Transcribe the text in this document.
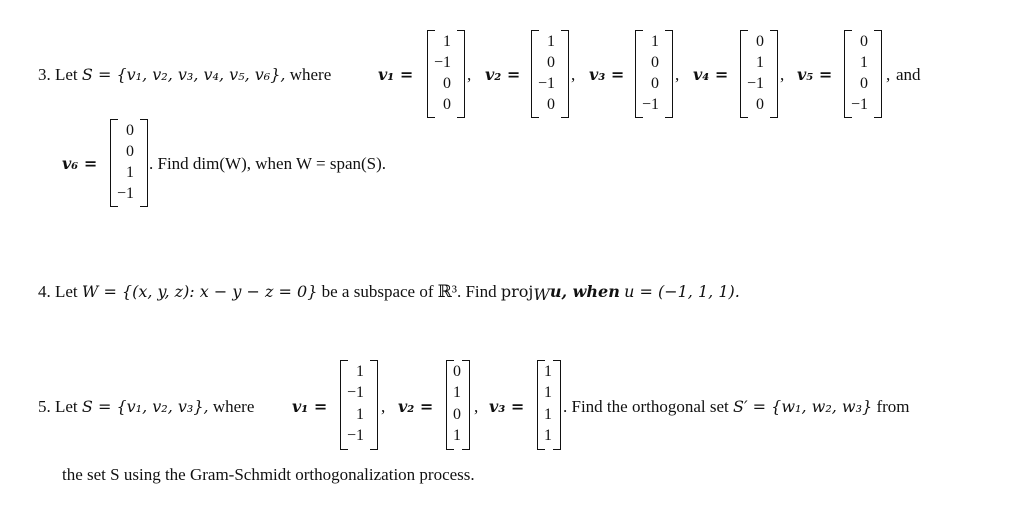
3. Let S = {v₁, v₂, v₃, v₄, v₅, v₆}, where	v₁ =
1
−1
0
0
, v₂ =
1
0
−1
0
, v₃ =
1
0
0
−1
, v₄ =
0
1
−1
0
, v₅ =
0
1
0
−1
, and
v₆ =
0
0
1
−1
. Find dim(W), when W = span(S).
4. Let W = {(x, y, z): x − y − z = 0} be a subspace of ℝ³. Find proj$_W$u, when u = (−1, 1, 1).
5. Let S = {v₁, v₂, v₃}, where v₁ =
1
−1
1
−1
, v₂ =
0
1
0
1
, v₃ =
1
1
1
1
. Find the orthogonal set S′ = {w₁, w₂, w₃} from
the set S using the Gram-Schmidt orthogonalization process.
